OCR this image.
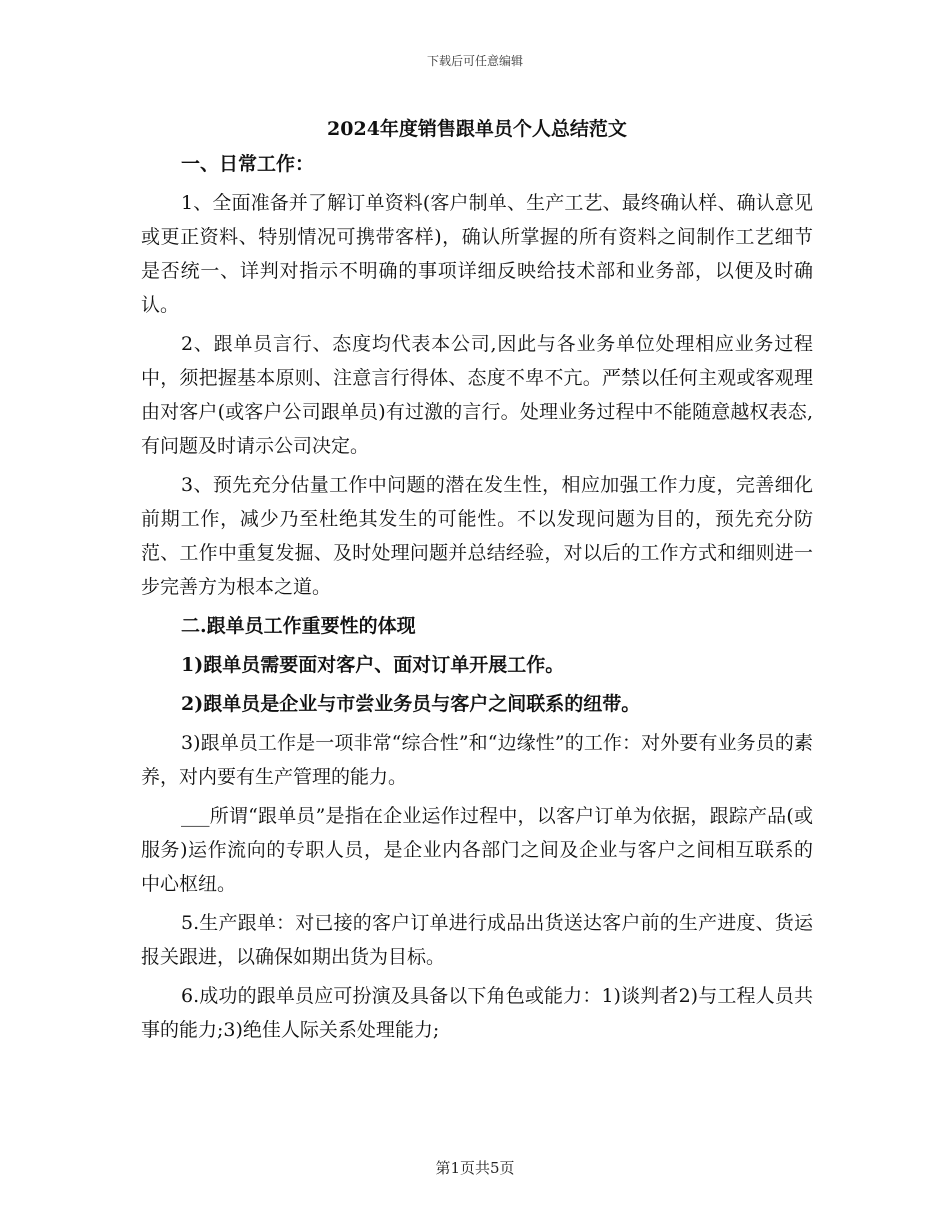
下载后可任意编辑
2024年度销售跟单员个人总结范文

一、日常工作：

1、全面准备并了解订单资料(客户制单、生产工艺、最终确认样、确认意见或更正资料、特别情况可携带客样)，确认所掌握的所有资料之间制作工艺细节是否统一、详判对指示不明确的事项详细反映给技术部和业务部，以便及时确认。

2、跟单员言行、态度均代表本公司,因此与各业务单位处理相应业务过程中，须把握基本原则、注意言行得体、态度不卑不亢。严禁以任何主观或客观理由对客户(或客户公司跟单员)有过激的言行。处理业务过程中不能随意越权表态,有问题及时请示公司决定。

3、预先充分估量工作中问题的潜在发生性，相应加强工作力度，完善细化前期工作，减少乃至杜绝其发生的可能性。不以发现问题为目的，预先充分防范、工作中重复发掘、及时处理问题并总结经验，对以后的工作方式和细则进一步完善方为根本之道。

二.跟单员工作重要性的体现

1)跟单员需要面对客户、面对订单开展工作。

2)跟单员是企业与市尝业务员与客户之间联系的纽带。

3)跟单员工作是一项非常“综合性”和“边缘性”的工作：对外要有业务员的素养，对内要有生产管理的能力。

___所谓“跟单员”是指在企业运作过程中，以客户订单为依据，跟踪产品(或服务)运作流向的专职人员，是企业内各部门之间及企业与客户之间相互联系的中心枢纽。

5.生产跟单：对已接的客户订单进行成品出货送达客户前的生产进度、货运报关跟进，以确保如期出货为目标。

6.成功的跟单员应可扮演及具备以下角色或能力：1)谈判者2)与工程人员共事的能力;3)绝佳人际关系处理能力;

第1页共5页
